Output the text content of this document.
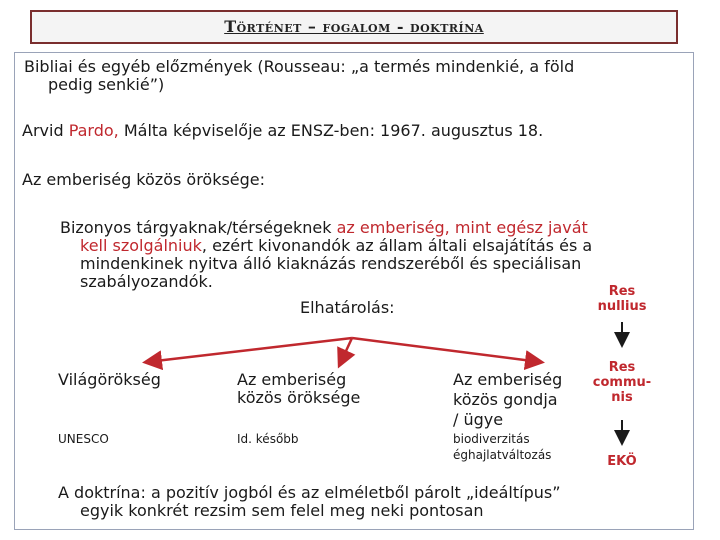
Történet – fogalom - doktrína
Bibliai és egyéb előzmények (Rousseau: „a termés mindenkié, a föld
pedig senkié”)
Arvid Pardo, Málta képviselője az ENSZ-ben: 1967. augusztus 18.
Az emberiség közös öröksége:
Bizonyos tárgyaknak/térségeknek az emberiség, mint egész javát
kell szolgálniuk, ezért kivonandók az állam általi elsajátítás és a
mindenkinek nyitva álló kiaknázás rendszeréből és speciálisan
szabályozandók.
Elhatárolás:
Világörökség
UNESCO
Az emberiség
közös öröksége
Id. később
Az emberiség
közös gondja
/ ügye
biodiverzitás
éghajlatváltozás
Res
nullius
Res
commu-
nis
EKÖ
A doktrína: a pozitív jogból és az elméletből párolt „ideáltípus”
egyik konkrét rezsim sem felel meg neki pontosan
